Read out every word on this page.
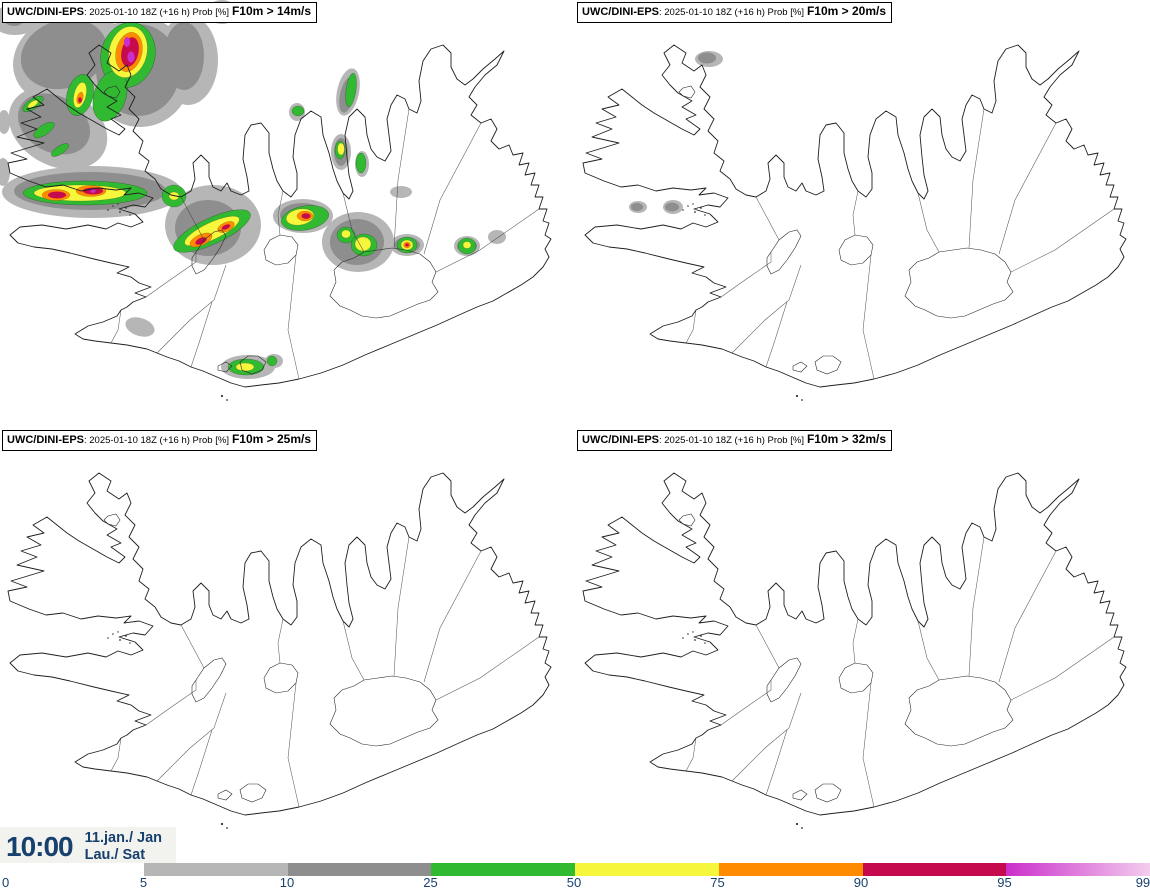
UWC/DINI-EPS: 2025-01-10 18Z (+16 h) Prob [%] F10m > 14m/s	UWC/DINI-EPS: 2025-01-10 18Z (+16 h) Prob [%] F10m > 20m/s
UWC/DINI-EPS: 2025-01-10 18Z (+16 h) Prob [%] F10m > 25m/s	UWC/DINI-EPS: 2025-01-10 18Z (+16 h) Prob [%] F10m > 32m/s
10:00 11.jan./ Jan
Lau./ Sat
0	5	10	25	50	75	90	95	99
